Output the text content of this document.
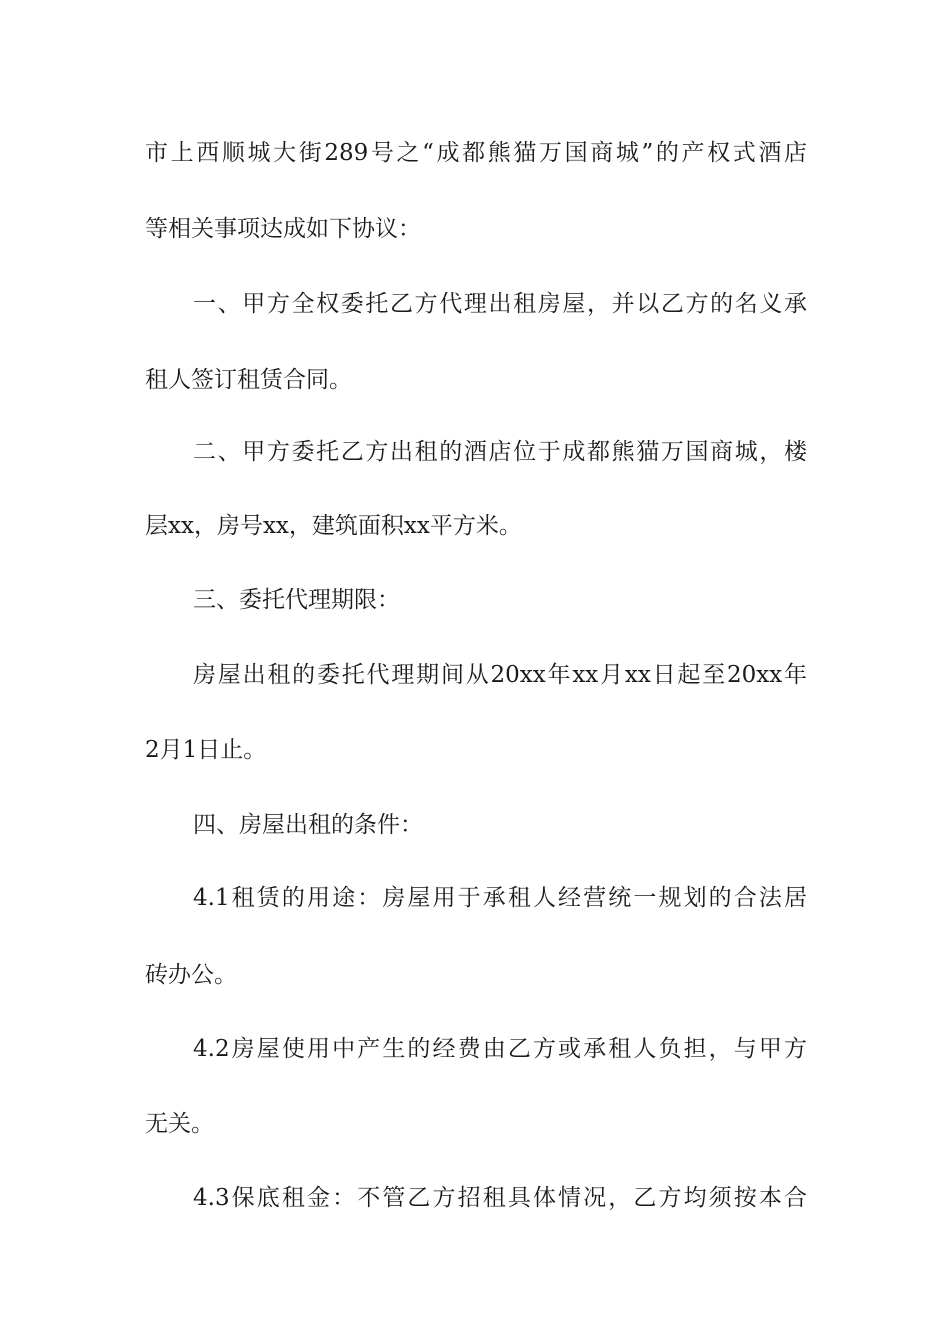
市上西顺城大街289号之“成都熊猫万国商城”的产权式酒店
等相关事项达成如下协议：
一、甲方全权委托乙方代理出租房屋，并以乙方的名义承
租人签订租赁合同。
二、甲方委托乙方出租的酒店位于成都熊猫万国商城，楼
层xx，房号xx，建筑面积xx平方米。
三、委托代理期限：
房屋出租的委托代理期间从20xx年xx月xx日起至20xx年
2月1日止。
四、房屋出租的条件：
4.1租赁的用途：房屋用于承租人经营统一规划的合法居
砖办公。
4.2房屋使用中产生的经费由乙方或承租人负担，与甲方
无关。
4.3保底租金：不管乙方招租具体情况，乙方均须按本合
